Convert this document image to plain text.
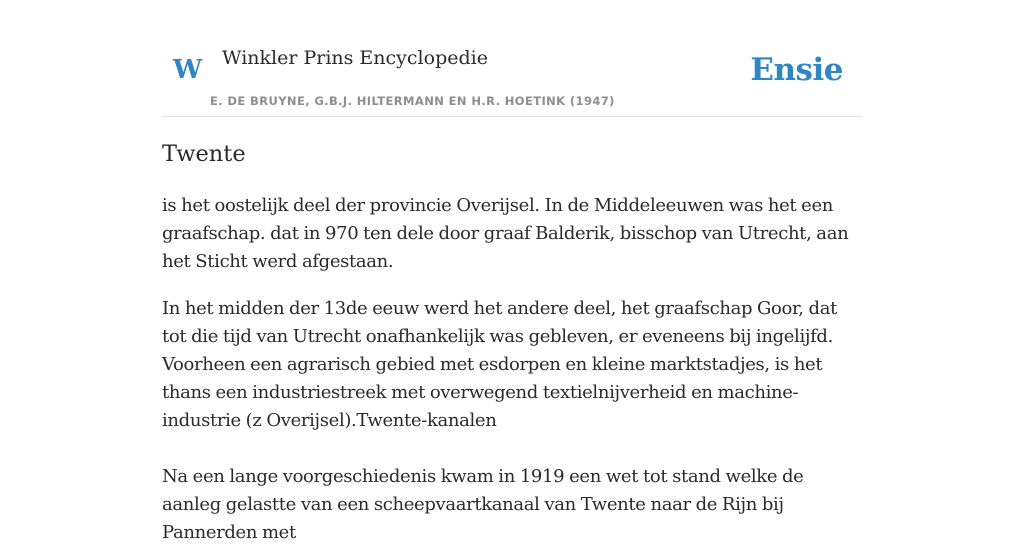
W Winkler Prins Encyclopedie
E. DE BRUYNE, G.B.J. HILTERMANN EN H.R. HOETINK (1947)
Ensie
Twente

is het oostelijk deel der provincie Overijsel. In de Middeleeuwen was het een graafschap. dat in 970 ten dele door graaf Balderik, bisschop van Utrecht, aan het Sticht werd afgestaan.

In het midden der 13de eeuw werd het andere deel, het graafschap Goor, dat tot die tijd van Utrecht onafhankelijk was gebleven, er eveneens bij ingelijfd. Voorheen een agrarisch gebied met esdorpen en kleine marktstadjes, is het thans een industriestreek met overwegend textielnijverheid en machine-industrie (z Overijsel).Twente-kanalen

Na een lange voorgeschiedenis kwam in 1919 een wet tot stand welke de aanleg gelastte van een scheepvaartkanaal van Twente naar de Rijn bij Pannerden met
